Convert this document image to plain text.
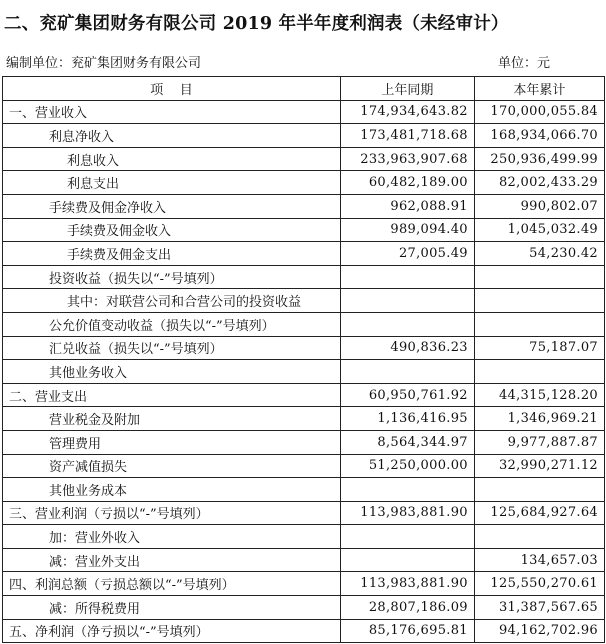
二、兖矿集团财务有限公司 2019 年半年度利润表（未经审计）
编制单位：兖矿集团财务有限公司	单位：元
项    目	上年同期	本年累计
一、营业收入	174,934,643.82	170,000,055.84
利息净收入	173,481,718.68	168,934,066.70
利息收入	233,963,907.68	250,936,499.99
利息支出	60,482,189.00	82,002,433.29
手续费及佣金净收入	962,088.91	990,802.07
手续费及佣金收入	989,094.40	1,045,032.49
手续费及佣金支出	27,005.49	54,230.42
投资收益（损失以“-”号填列）		
其中：对联营公司和合营公司的投资收益		
公允价值变动收益（损失以“-”号填列）		
汇兑收益（损失以“-”号填列）	490,836.23	75,187.07
其他业务收入		
二、营业支出	60,950,761.92	44,315,128.20
营业税金及附加	1,136,416.95	1,346,969.21
管理费用	8,564,344.97	9,977,887.87
资产减值损失	51,250,000.00	32,990,271.12
其他业务成本		
三、营业利润（亏损以“-”号填列）	113,983,881.90	125,684,927.64
加：营业外收入		
减：营业外支出		134,657.03
四、利润总额（亏损总额以“-”号填列）	113,983,881.90	125,550,270.61
减：所得税费用	28,807,186.09	31,387,567.65
五、净利润（净亏损以“-”号填列）	85,176,695.81	94,162,702.96
